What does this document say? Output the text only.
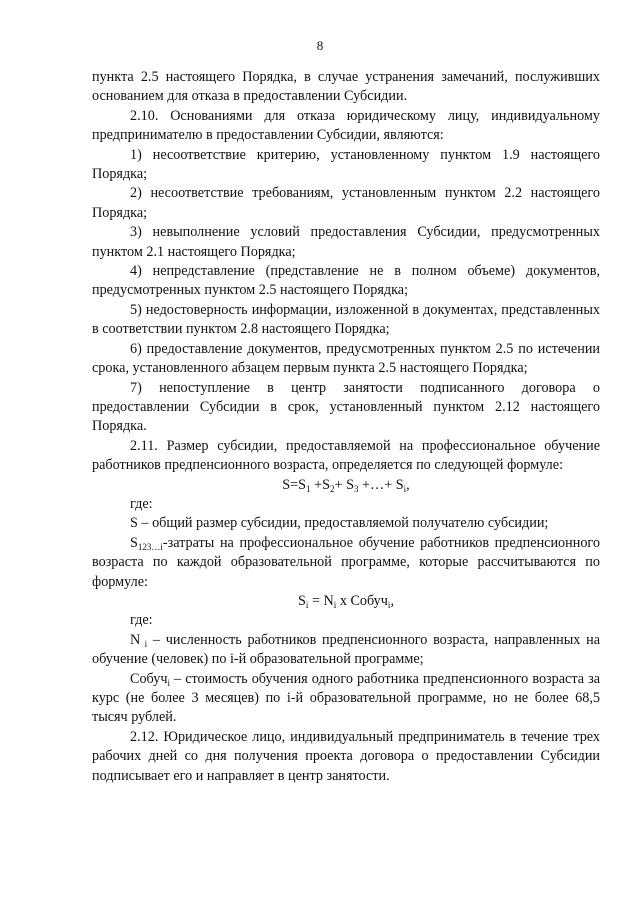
8

пункта 2.5 настоящего Порядка, в случае устранения замечаний, послуживших основанием для отказа в предоставлении Субсидии.

2.10. Основаниями для отказа юридическому лицу, индивидуальному предпринимателю в предоставлении Субсидии, являются:

1) несоответствие критерию, установленному пунктом 1.9 настоящего Порядка;

2) несоответствие требованиям, установленным пунктом 2.2 настоящего Порядка;

3) невыполнение условий предоставления Субсидии, предусмотренных пунктом 2.1 настоящего Порядка;

4) непредставление (представление не в полном объеме) документов, предусмотренных пунктом 2.5 настоящего Порядка;

5) недостоверность информации, изложенной в документах, представленных в соответствии пунктом 2.8 настоящего Порядка;

6) предоставление документов, предусмотренных пунктом 2.5 по истечении срока, установленного абзацем первым пункта 2.5 настоящего Порядка;

7) непоступление в центр занятости подписанного договора о предоставлении Субсидии в срок, установленный пунктом 2.12 настоящего Порядка.

2.11. Размер субсидии, предоставляемой на профессиональное обучение работников предпенсионного возраста, определяется по следующей формуле:

$S=S_1 +S_2+ S_3$ +…+ $S_i$,

где:

S – общий размер субсидии, предоставляемой получателю субсидии;

$S_{123\dots i}$-затраты на профессиональное обучение работников предпенсионного возраста по каждой образовательной программе, которые рассчитываются по формуле:

$S_i = N_i$ x Собуч$_i$,

где:

N $_i$ – численность работников предпенсионного возраста, направленных на обучение (человек) по i-й образовательной программе;

Собуч$_i$ – стоимость обучения одного работника предпенсионного возраста за курс (не более 3 месяцев) по i-й образовательной программе, но не более 68,5 тысяч рублей.

2.12. Юридическое лицо, индивидуальный предприниматель в течение трех рабочих дней со дня получения проекта договора о предоставлении Субсидии подписывает его и направляет в центр занятости.
